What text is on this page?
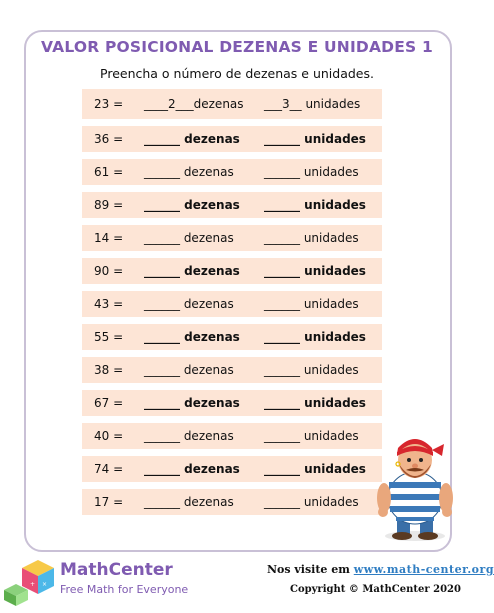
VALOR POSICIONAL DEZENAS E UNIDADES 1
Preencha o número de dezenas e unidades.
23 = ____2___dezenas ___3__ unidades
36 = ______ dezenas ______ unidades
61 = ______ dezenas	______ unidades
89 = ______ dezenas ______ unidades
14 = ______ dezenas	______ unidades
90 = ______ dezenas ______ unidades
43 = ______ dezenas	______ unidades
55 = ______ dezenas ______ unidades
38 = ______ dezenas	______ unidades
67 = ______ dezenas ______ unidades
40 = ______ dezenas	______ unidades
74 = ______ dezenas ______ unidades
17 = ______ dezenas	______ unidades
+ ×
MathCenter
Free Math for Everyone
Nos visite em www.math-center.org
Copyright © MathCenter 2020
